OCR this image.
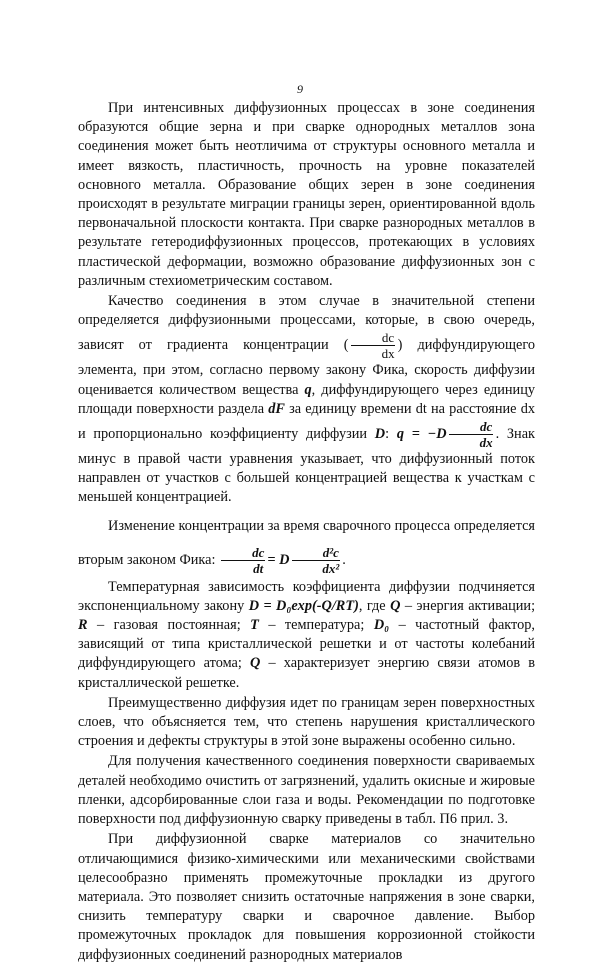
9

При интенсивных диффузионных процессах в зоне соединения образуются общие зерна и при сварке однородных металлов зона соединения может быть неотличима от структуры основного металла и имеет вязкость, пластичность, прочность на уровне показателей основного металла. Образование общих зерен в зоне соединения происходят в результате миграции границы зерен, ориентированной вдоль первоначальной плоскости контакта. При сварке разнородных металлов в результате гетеродиффузионных процессов, протекающих в условиях пластической деформации, возможно образование диффузионных зон с различным стехиометрическим составом.

Качество соединения в этом случае в значительной степени определяется диффузионными процессами, которые, в свою очередь, зависят от градиента концентрации ( $\frac{dc}{dx}$ ) диффундирующего элемента, при этом, согласно первому закону Фика, скорость диффузии оценивается количеством вещества q, диффундирующего через единицу площади поверхности раздела dF за единицу времени dt на расстояние dx и пропорционально коэффициенту диффузии D: $q = -D \frac{dc}{dx}$ . Знак минус в правой части уравнения указывает, что диффузионный поток направлен от участков с большей концентрацией вещества к участкам с меньшей концентрацией.

Изменение концентрации за время сварочного процесса определяется вторым законом Фика: $\frac{dc}{dt} = D \frac{\text{d²c}}{\text{dx²}}$ .

Температурная зависимость коэффициента диффузии подчиняется экспоненциальному закону D = D₀exp(-Q/RT), где Q – энергия активации; R – газовая постоянная; T – температура; D₀ – частотный фактор, зависящий от типа кристаллической решетки и от частоты колебаний диффундирующего атома; Q – характеризует энергию связи атомов в кристаллической решетке.

Преимущественно диффузия идет по границам зерен поверхностных слоев, что объясняется тем, что степень нарушения кристаллического строения и дефекты структуры в этой зоне выражены особенно сильно.

Для получения качественного соединения поверхности свариваемых деталей необходимо очистить от загрязнений, удалить окисные и жировые пленки, адсорбированные слои газа и воды. Рекомендации по подготовке поверхности под диффузионную сварку приведены в табл. П6 прил. 3.

При диффузионной сварке материалов со значительно отличающимися физико-химическими или механическими свойствами целесообразно применять промежуточные прокладки из другого материала. Это позволяет снизить остаточные напряжения в зоне сварки, снизить температуру сварки и сварочное давление. Выбор промежуточных прокладок для повышения коррозионной стойкости диффузионных соединений разнородных материалов
